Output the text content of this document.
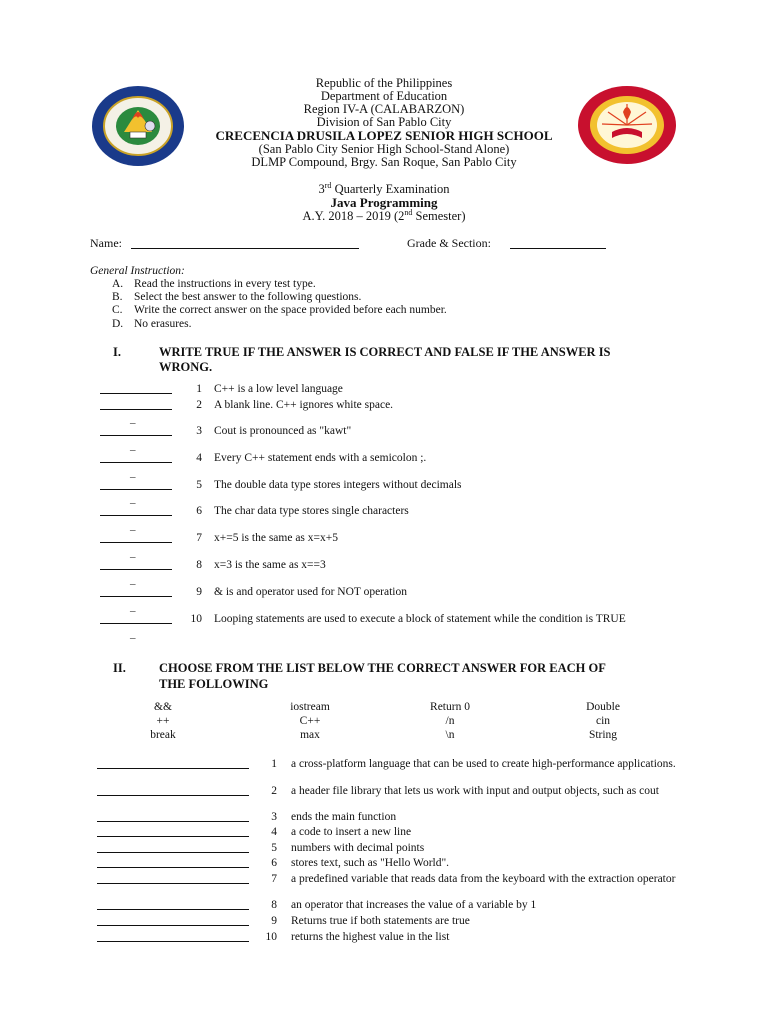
Republic of the Philippines
Department of Education
Region IV-A (CALABARZON)
Division of San Pablo City
CRECENCIA DRUSILA LOPEZ SENIOR HIGH SCHOOL
(San Pablo City Senior High School-Stand Alone)
DLMP Compound, Brgy. San Roque, San Pablo City
3rd Quarterly Examination
Java Programming
A.Y. 2018 – 2019 (2nd Semester)
Name:	Grade & Section:
General Instruction:
A. Read the instructions in every test type.
B. Select the best answer to the following questions.
C. Write the correct answer on the space provided before each number.
D. No erasures.
I.	WRITE TRUE IF THE ANSWER IS CORRECT AND FALSE IF THE ANSWER IS
WRONG.
1 C++ is a low level language
2 A blank line. C++ ignores white space.
_
3 Cout is pronounced as "kawt"
_
4 Every C++ statement ends with a semicolon ;.
_
5 The double data type stores integers without decimals
_
6 The char data type stores single characters
_
7 x+=5 is the same as x=x+5
_
8 x=3 is the same as x==3
_
9 & is and operator used for NOT operation
_
10 Looping statements are used to execute a block of statement while the condition is TRUE
_
II.	CHOOSE FROM THE LIST BELOW THE CORRECT ANSWER FOR EACH OF
THE FOLLOWING
&&	iostream	Return 0	Double
++	C++	/n	cin
break	max	\n	String
1 a cross-platform language that can be used to create high-performance applications.
2 a header file library that lets us work with input and output objects, such as cout
3 ends the main function
4 a code to insert a new line
5 numbers with decimal points
6 stores text, such as "Hello World".
7 a predefined variable that reads data from the keyboard with the extraction operator
8 an operator that increases the value of a variable by 1
9 Returns true if both statements are true
10 returns the highest value in the list
